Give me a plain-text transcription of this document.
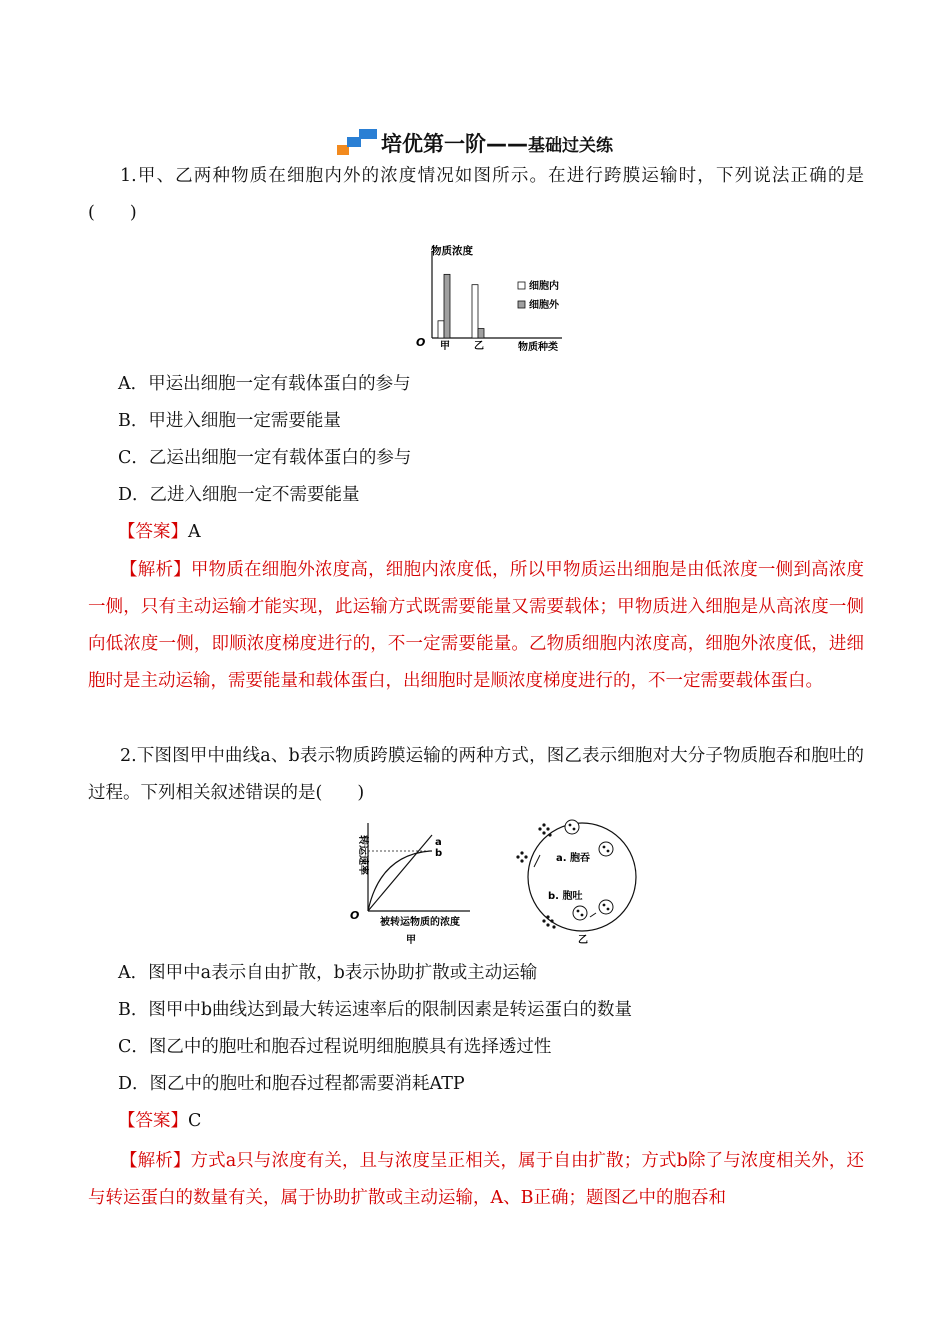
培优第一阶——基础过关练

1.甲、乙两种物质在细胞内外的浓度情况如图所示。在进行跨膜运输时，下列说法正确的是(　　)

物质浓度
O	物质种类
甲 乙
细胞内
细胞外

A．甲运出细胞一定有载体蛋白的参与

B．甲进入细胞一定需要能量

C．乙运出细胞一定有载体蛋白的参与

D．乙进入细胞一定不需要能量

【答案】A

【解析】甲物质在细胞外浓度高，细胞内浓度低，所以甲物质运出细胞是由低浓度一侧到高浓度一侧，只有主动运输才能实现，此运输方式既需要能量又需要载体；甲物质进入细胞是从高浓度一侧向低浓度一侧，即顺浓度梯度进行的，不一定需要能量。乙物质细胞内浓度高，细胞外浓度低，进细胞时是主动运输，需要能量和载体蛋白，出细胞时是顺浓度梯度进行的，不一定需要载体蛋白。

2.下图图甲中曲线a、b表示物质跨膜运输的两种方式，图乙表示细胞对大分子物质胞吞和胞吐的过程。下列相关叙述错误的是(　　)

转运速率
O
a
b
被转运物质的浓度
甲
a. 胞吞
b. 胞吐
乙

A．图甲中a表示自由扩散，b表示协助扩散或主动运输

B．图甲中b曲线达到最大转运速率后的限制因素是转运蛋白的数量

C．图乙中的胞吐和胞吞过程说明细胞膜具有选择透过性

D．图乙中的胞吐和胞吞过程都需要消耗ATP

【答案】C

【解析】方式a只与浓度有关，且与浓度呈正相关，属于自由扩散；方式b除了与浓度相关外，还与转运蛋白的数量有关，属于协助扩散或主动运输，A、B正确；题图乙中的胞吞和
